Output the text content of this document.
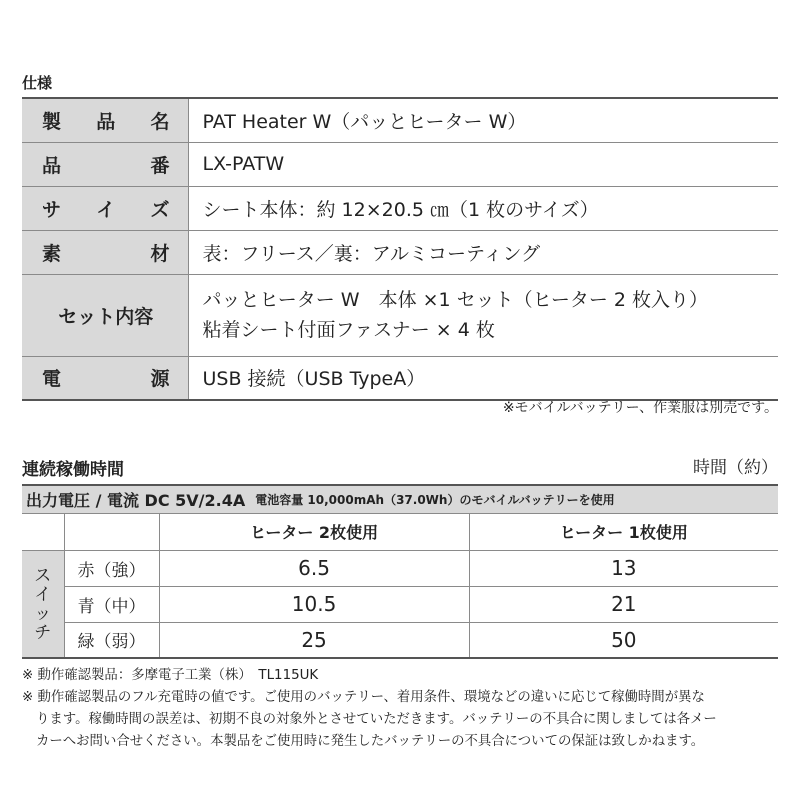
仕様
製 品 名	PAT Heater W（パッとヒーター W）

品 番	LX-PATW

サ イ ズ	シート本体：約 12×20.5 ㎝（1 枚のサイズ）

素 材	表：フリース／裏：アルミコーティング

セット内容	パッとヒーター W　本体 ×1 セット（ヒーター 2 枚入り）
粘着シート付面ファスナー × 4 枚

電 源	USB 接続（USB TypeA）
※モバイルバッテリー、作業服は別売です。
連続稼働時間	時間（約）
出力電圧 / 電流 DC 5V/2.4A 電池容量 10,000mAh（37.0Wh）のモバイルバッテリーを使用
		ヒーター 2枚使用	ヒーター 1枚使用

ス
イ
ッ
チ	赤（強）	6.5	13
	青（中）	10.5	21
	緑（弱）	25	50
※ 動作確認製品：多摩電子工業（株）　TL115UK
※ 動作確認製品のフル充電時の値です。ご使用のバッテリー、着用条件、環境などの違いに応じて稼働時間が異な
ります。稼働時間の誤差は、初期不良の対象外とさせていただきます。バッテリーの不具合に関しましては各メー
カーへお問い合せください。本製品をご使用時に発生したバッテリーの不具合についての保証は致しかねます。
